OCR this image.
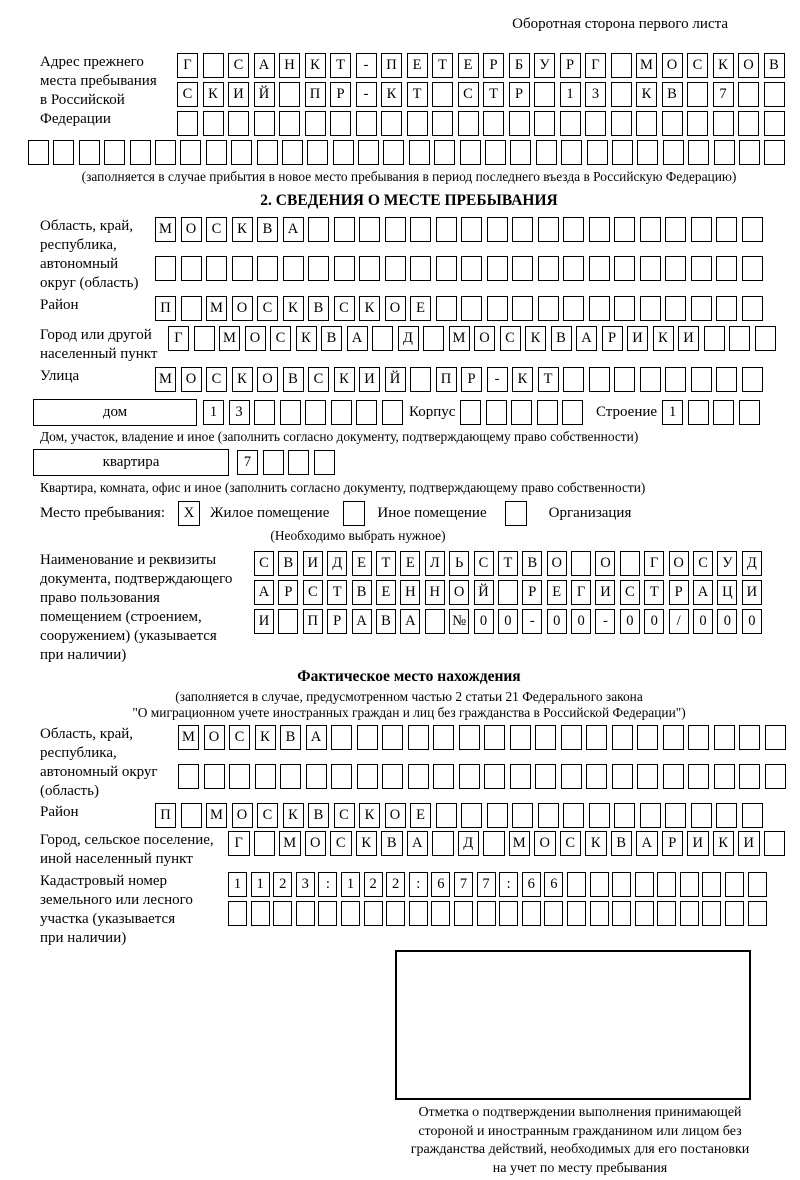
Оборотная сторона первого листа
Адрес прежнего
места пребывания
в Российской
Федерации
Г	С	А	Н	К	Т	-	П	Е	Т	Е	Р	Б	У	Р	Г	М О	С	К	О	В
С	К	И	Й	П	Р	-	К	Т	С	Т	Р	1	3	К	В	7
(заполняется в случае прибытия в новое место пребывания в период последнего въезда в Российскую Федерацию)
2. СВЕДЕНИЯ О МЕСТЕ ПРЕБЫВАНИЯ
Область, край,
республика,
автономный
округ (область)
М О	С	К	В	А
Район	П	М О	С	К	В	С	К	О	Е
Город или другой
населенный пункт
Г	М О	С	К	В	А	Д	М О	С	К	В	А	Р	И	К	И
Улица	М О	С	К	О	В	С	К	И	Й	П	Р	-	К	Т
дом	1	3	Корпус	Строение 1
Дом, участок, владение и иное (заполнить согласно документу, подтверждающему право собственности)
квартира	7
Квартира, комната, офис и иное (заполнить согласно документу, подтверждающему право собственности)
Место пребывания:	X	Жилое помещение	Иное помещение	Организация
(Необходимо выбрать нужное)
Наименование и реквизиты
документа, подтверждающего
право пользования
помещением (строением,
сооружением) (указывается
при наличии)
С	В И Д	Е	Т	Е	Л	Ь	С	Т	В О	О	Г	О С У Д
А	Р	С	Т	В	Е	Н Н О Й	Р	Е	Г	И С	Т	Р	А Ц И
И	П	Р	А В А	№ 0	0	-	0	0	-	0	0	/	0	0	0
Фактическое место нахождения
(заполняется в случае, предусмотренном частью 2 статьи 21 Федерального закона
"О миграционном учете иностранных граждан и лиц без гражданства в Российской Федерации")
Область, край,
республика,
автономный округ
(область)
М О	С	К	В	А
Район	П	М О	С	К	В	С	К	О	Е
Город, сельское поселение,
иной населенный пункт
Г	М О	С	К	В	А	Д	М О	С	К	В	А	Р	И	К	И
Кадастровый номер
земельного или лесного
участка (указывается
при наличии)
1	1	2	3	:	1	2	2	:	6	7	7	:	6	6
Отметка о подтверждении выполнения принимающей
стороной и иностранным гражданином или лицом без
гражданства действий, необходимых для его постановки
на учет по месту пребывания
